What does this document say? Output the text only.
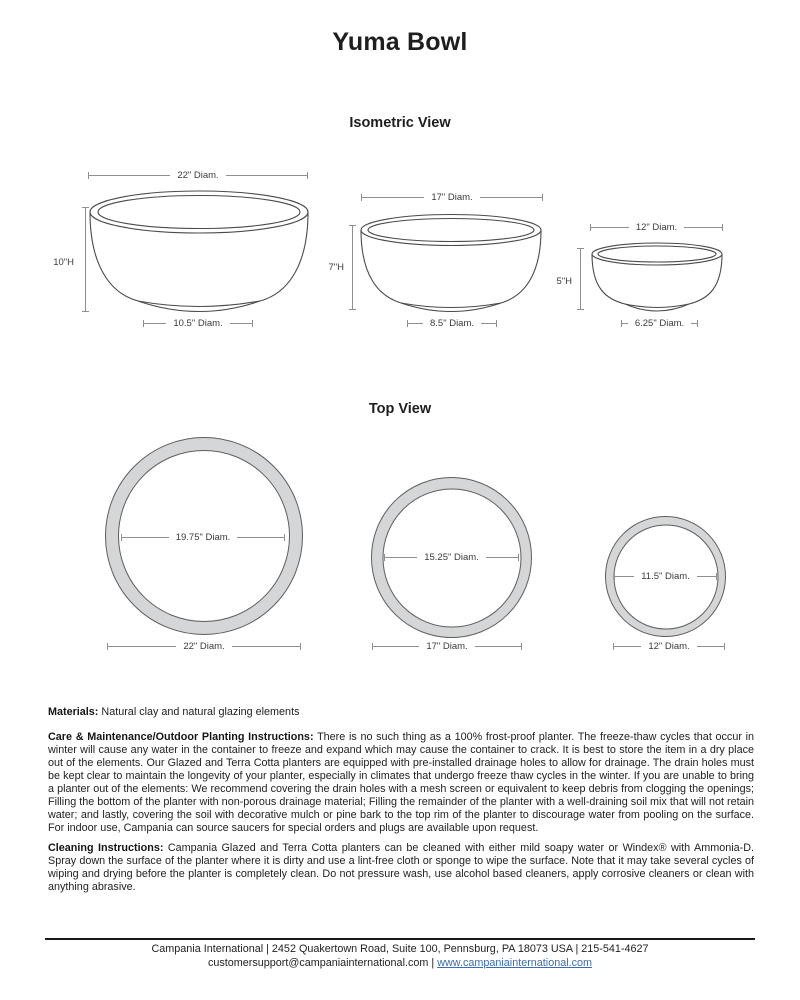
Yuma Bowl
Isometric View
22" Diam.
10"H
10.5" Diam.
17" Diam.
7"H
8.5" Diam.
12" Diam.
5"H
6.25" Diam.
Top View
19.75" Diam.
22" Diam.
15.25" Diam.
17" Diam.
11.5" Diam.
12" Diam.
Materials: Natural clay and natural glazing elements
Care & Maintenance/Outdoor Planting Instructions: There is no such thing as a 100% frost-proof planter. The freeze-thaw cycles that occur in winter will cause any water in the container to freeze and expand which may cause the container to crack. It is best to store the item in a dry place out of the elements. Our Glazed and Terra Cotta planters are equipped with pre-installed drainage holes to allow for drainage. The drain holes must be kept clear to maintain the longevity of your planter, especially in climates that undergo freeze thaw cycles in the winter. If you are unable to bring a planter out of the elements: We recommend covering the drain holes with a mesh screen or equivalent to keep debris from clogging the openings; Filling the bottom of the planter with non-porous drainage material; Filling the remainder of the planter with a well-draining soil mix that will not retain water; and lastly, covering the soil with decorative mulch or pine bark to the top rim of the planter to discourage water from pooling on the surface. For indoor use, Campania can source saucers for special orders and plugs are available upon request.
Cleaning Instructions: Campania Glazed and Terra Cotta planters can be cleaned with either mild soapy water or Windex® with Ammonia-D. Spray down the surface of the planter where it is dirty and use a lint-free cloth or sponge to wipe the surface. Note that it may take several cycles of wiping and drying before the planter is completely clean. Do not pressure wash, use alcohol based cleaners, apply corrosive cleaners or clean with anything abrasive.
Campania International | 2452 Quakertown Road, Suite 100, Pennsburg, PA 18073 USA | 215-541-4627
customersupport@campaniainternational.com | www.campaniainternational.com
